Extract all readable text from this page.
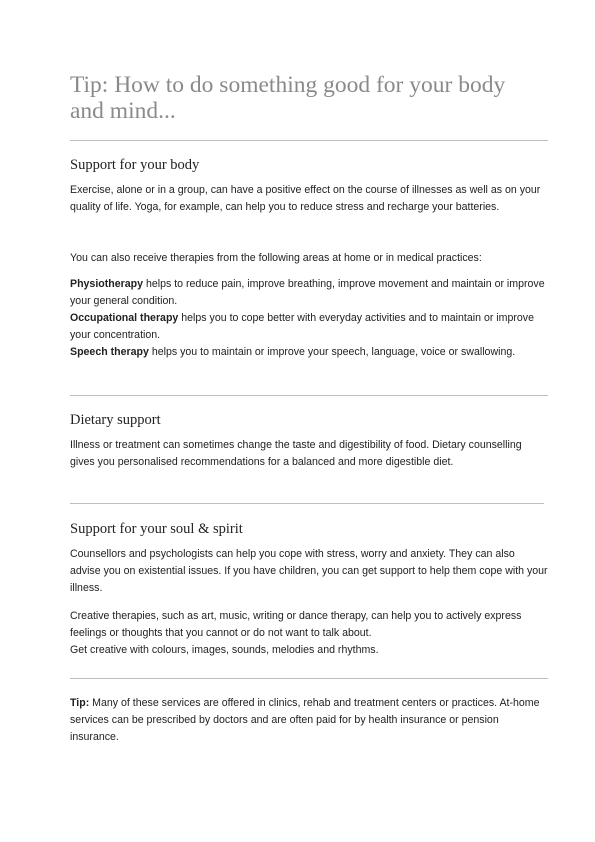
Tip: How to do something good for your body and mind...
Support for your body

Exercise, alone or in a group, can have a positive effect on the course of illnesses as well as on your quality of life. Yoga, for example, can help you to reduce stress and recharge your batteries.

You can also receive therapies from the following areas at home or in medical practices:

Physiotherapy helps to reduce pain, improve breathing, improve movement and maintain or improve your general condition.

Occupational therapy helps you to cope better with everyday activities and to maintain or improve your concentration.

Speech therapy helps you to maintain or improve your speech, language, voice or swallowing.

Dietary support

Illness or treatment can sometimes change the taste and digestibility of food. Dietary counselling gives you personalised recommendations for a balanced and more digestible diet.

Support for your soul & spirit

Counsellors and psychologists can help you cope with stress, worry and anxiety. They can also advise you on existential issues. If you have children, you can get support to help them cope with your illness.

Creative therapies, such as art, music, writing or dance therapy, can help you to actively express feelings or thoughts that you cannot or do not want to talk about.

Get creative with colours, images, sounds, melodies and rhythms.

Tip: Many of these services are offered in clinics, rehab and treatment centers or practices. At-home services can be prescribed by doctors and are often paid for by health insurance or pension insurance.
